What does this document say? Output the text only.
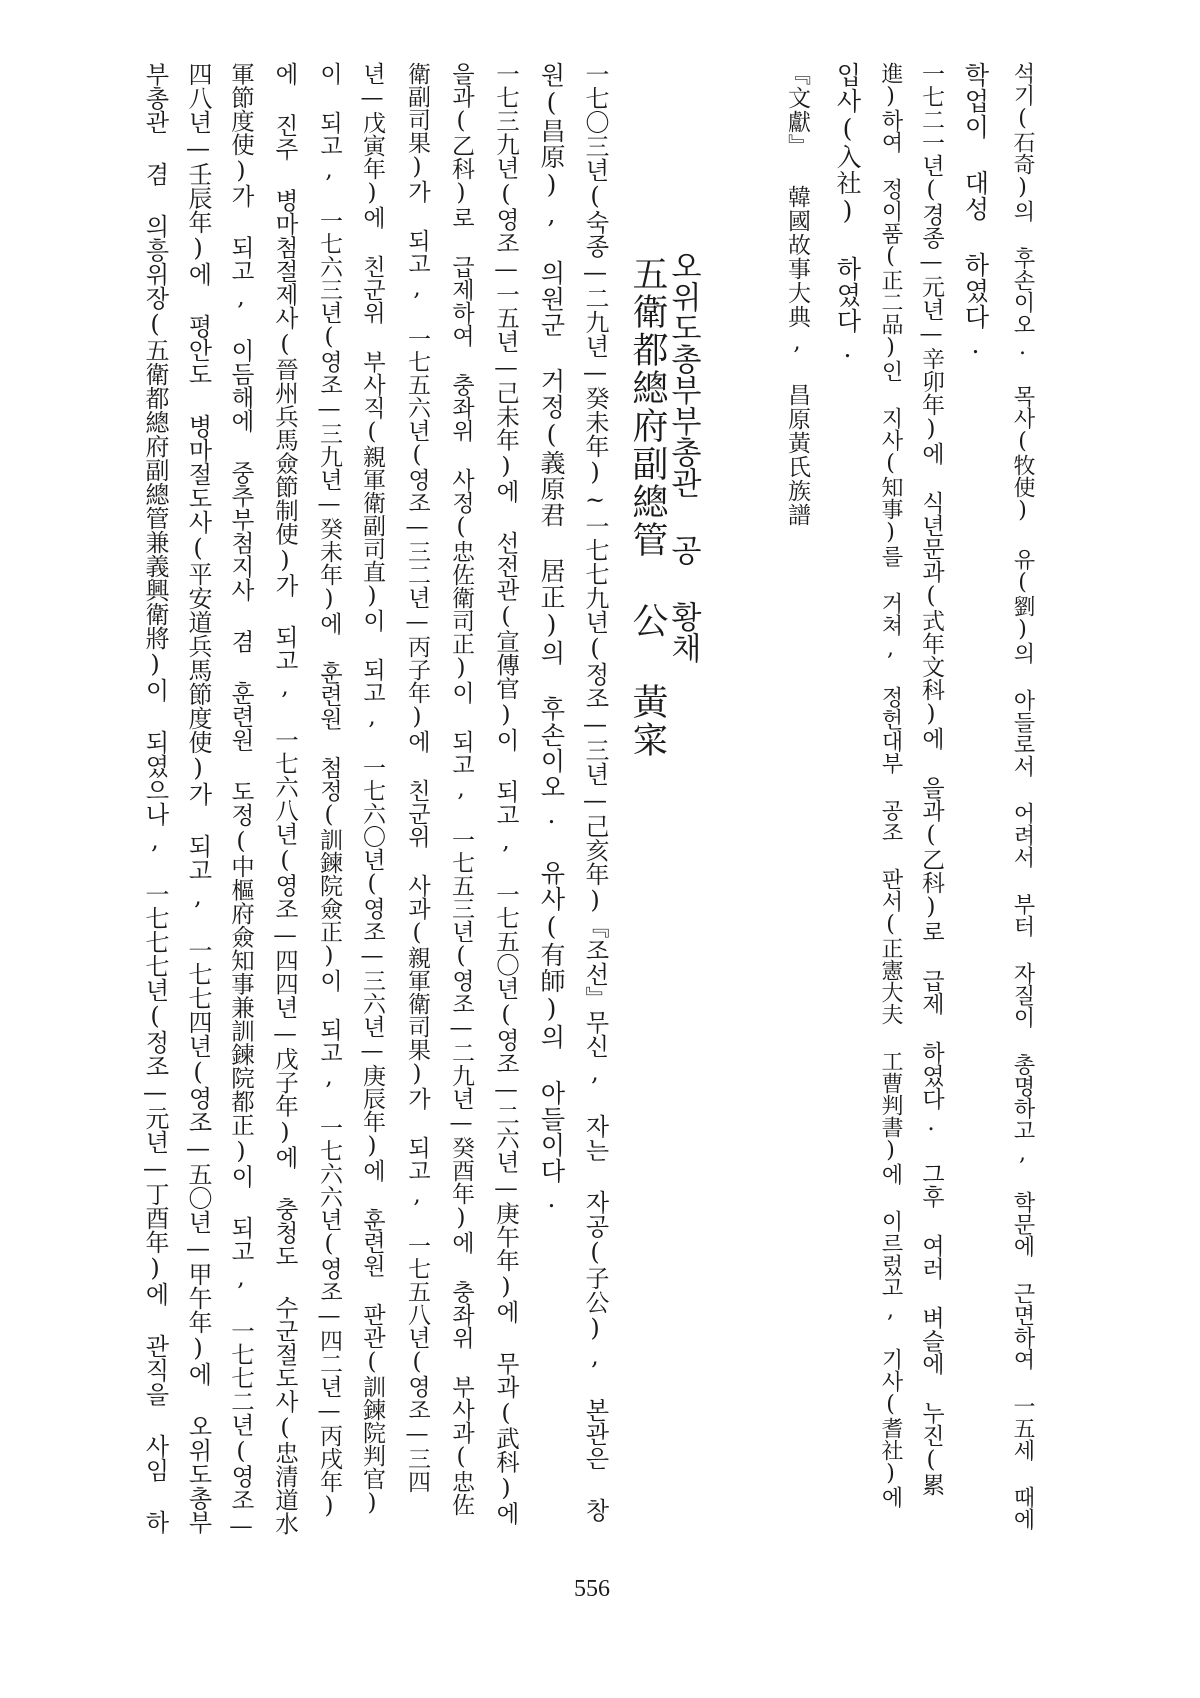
석기(石奇)의 후손이오. 목사(牧使) 유(劉)의 아들로서 어려서 부터 자질이 총명하고, 학문에 근면하여 一五세 때에
학업이 대성 하였다.
一七二一년(경종—元년—辛卯年)에 식년문과(式年文科)에 을과(乙科)로 급제 하였다. 그후 여러 벼슬에 누진(累
進)하여 정이품(正二品)인 지사(知事)를 거쳐, 정헌대부 공조 판서(正憲大夫 工曹判書)에 이르렀고, 기사(耆社)에
입사(入社) 하였다.
『文獻』 韓國故事大典, 昌原黃氏族譜
오위도총부부총관 공 황채
五衛都總府副總管 公 黃寀
一七〇三년(숙종—二九년—癸未年)~一七七九년(정조—三년—己亥年)『조선』무신, 자는 자공(子公), 본관은 창
원(昌原), 의원군 거정(義原君 居正)의 후손이오. 유사(有師)의 아들이다.
一七三九년(영조—一五년—己未年)에 선전관(宣傳官)이 되고, 一七五〇년(영조—二六년—庚午年)에 무과(武科)에
을과(乙科)로 급제하여 충좌위 사정(忠佐衛司正)이 되고, 一七五三년(영조—二九년—癸酉年)에 충좌위 부사과(忠佐
衛副司果)가 되고, 一七五六년(영조—三二년—丙子年)에 친군위 사과(親軍衛司果)가 되고, 一七五八년(영조—三四
년—戊寅年)에 친군위 부사직(親軍衛副司直)이 되고, 一七六〇년(영조—三六년—庚辰年)에 훈련원 판관(訓鍊院判官)
이 되고, 一七六三년(영조—三九년—癸未年)에 훈련원 첨정(訓鍊院僉正)이 되고, 一七六六년(영조—四二년—丙戌年)
에 진주 병마첨절제사(晉州兵馬僉節制使)가 되고, 一七六八년(영조—四四년—戊子年)에 충청도 수군절도사(忠清道水
軍節度使)가 되고, 이듬해에 중추부첨지사 겸 훈련원 도정(中樞府僉知事兼訓鍊院都正)이 되고, 一七七二년(영조—
四八년—壬辰年)에 평안도 병마절도사(平安道兵馬節度使)가 되고, 一七七四년(영조—五〇년—甲午年)에 오위도총부
부총관 겸 의흥위장(五衛都總府副總管兼義興衛將)이 되였으나, 一七七七년(정조—元년—丁酉年)에 관직을 사임 하
556
